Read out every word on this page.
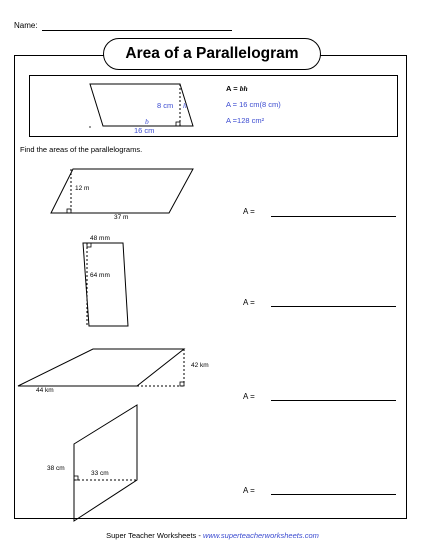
Name:
Area of a Parallelogram
8 cm h
b
16 cm
A = bh
A = 16 cm(8 cm)
A =128 cm²
Find the areas of the parallelograms.
12 m
37 m
A =
48 mm
64 mm
A =
42 km
44 km
A =
38 cm
33 cm
A =
Super Teacher Worksheets - www.superteacherworksheets.com
